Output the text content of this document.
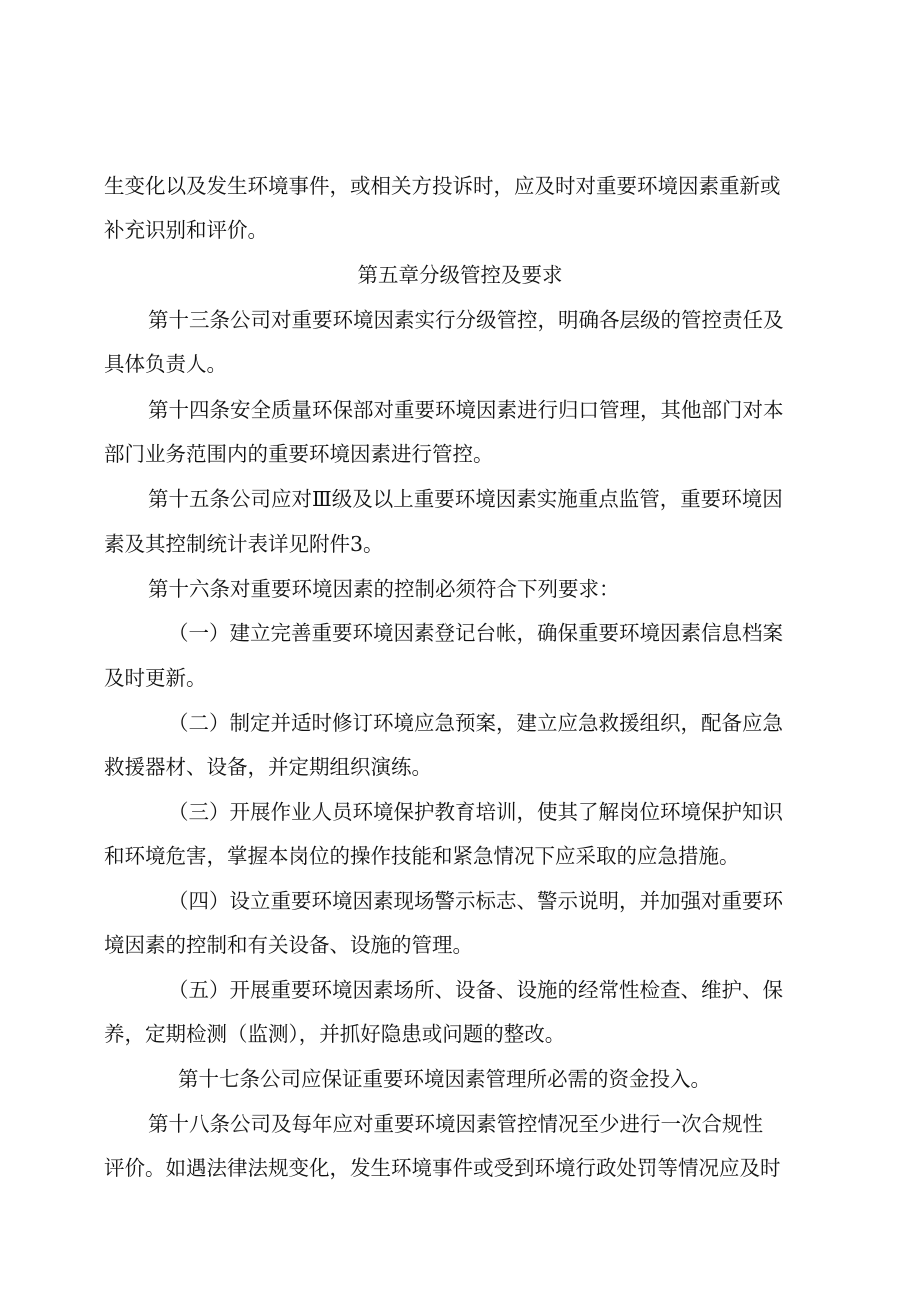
生变化以及发生环境事件，或相关方投诉时，应及时对重要环境因素重新或
补充识别和评价。
第五章分级管控及要求
第十三条公司对重要环境因素实行分级管控，明确各层级的管控责任及
具体负责人。
第十四条安全质量环保部对重要环境因素进行归口管理，其他部门对本
部门业务范围内的重要环境因素进行管控。
第十五条公司应对Ⅲ级及以上重要环境因素实施重点监管，重要环境因
素及其控制统计表详见附件3。
第十六条对重要环境因素的控制必须符合下列要求：
（一）建立完善重要环境因素登记台帐，确保重要环境因素信息档案
及时更新。
（二）制定并适时修订环境应急预案，建立应急救援组织，配备应急
救援器材、设备，并定期组织演练。
（三）开展作业人员环境保护教育培训，使其了解岗位环境保护知识
和环境危害，掌握本岗位的操作技能和紧急情况下应采取的应急措施。
（四）设立重要环境因素现场警示标志、警示说明，并加强对重要环
境因素的控制和有关设备、设施的管理。
（五）开展重要环境因素场所、设备、设施的经常性检查、维护、保
养，定期检测（监测），并抓好隐患或问题的整改。
第十七条公司应保证重要环境因素管理所必需的资金投入。
第十八条公司及每年应对重要环境因素管控情况至少进行一次合规性
评价。如遇法律法规变化，发生环境事件或受到环境行政处罚等情况应及时
